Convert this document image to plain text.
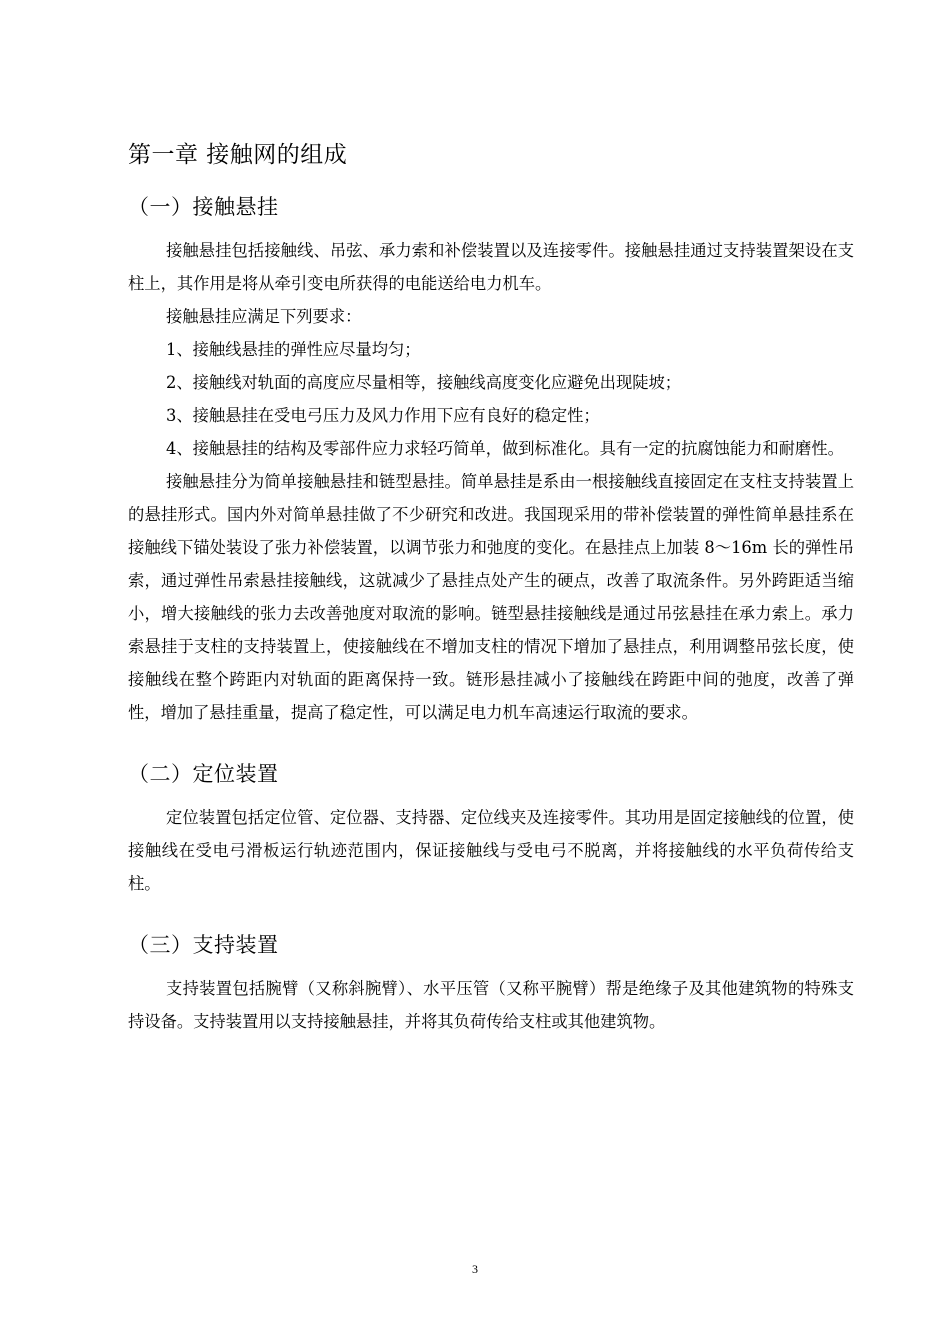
第一章 接触网的组成
（一）接触悬挂

接触悬挂包括接触线、吊弦、承力索和补偿装置以及连接零件。接触悬挂通过支持装置架设在支柱上，其作用是将从牵引变电所获得的电能送给电力机车。

接触悬挂应满足下列要求：

1、接触线悬挂的弹性应尽量均匀；

2、接触线对轨面的高度应尽量相等，接触线高度变化应避免出现陡坡；

3、接触悬挂在受电弓压力及风力作用下应有良好的稳定性；

4、接触悬挂的结构及零部件应力求轻巧简单，做到标准化。具有一定的抗腐蚀能力和耐磨性。

接触悬挂分为简单接触悬挂和链型悬挂。简单悬挂是系由一根接触线直接固定在支柱支持装置上的悬挂形式。国内外对简单悬挂做了不少研究和改进。我国现采用的带补偿装置的弹性简单悬挂系在接触线下锚处装设了张力补偿装置，以调节张力和弛度的变化。在悬挂点上加装 8～16m 长的弹性吊索，通过弹性吊索悬挂接触线，这就减少了悬挂点处产生的硬点，改善了取流条件。另外跨距适当缩小，增大接触线的张力去改善弛度对取流的影响。链型悬挂接触线是通过吊弦悬挂在承力索上。承力索悬挂于支柱的支持装置上，使接触线在不增加支柱的情况下增加了悬挂点，利用调整吊弦长度，使接触线在整个跨距内对轨面的距离保持一致。链形悬挂减小了接触线在跨距中间的弛度，改善了弹性，增加了悬挂重量，提高了稳定性，可以满足电力机车高速运行取流的要求。

（二）定位装置

定位装置包括定位管、定位器、支持器、定位线夹及连接零件。其功用是固定接触线的位置，使接触线在受电弓滑板运行轨迹范围内，保证接触线与受电弓不脱离，并将接触线的水平负荷传给支柱。

（三）支持装置

支持装置包括腕臂（又称斜腕臂）、水平压管（又称平腕臂）帮是绝缘子及其他建筑物的特殊支持设备。支持装置用以支持接触悬挂，并将其负荷传给支柱或其他建筑物。

3
